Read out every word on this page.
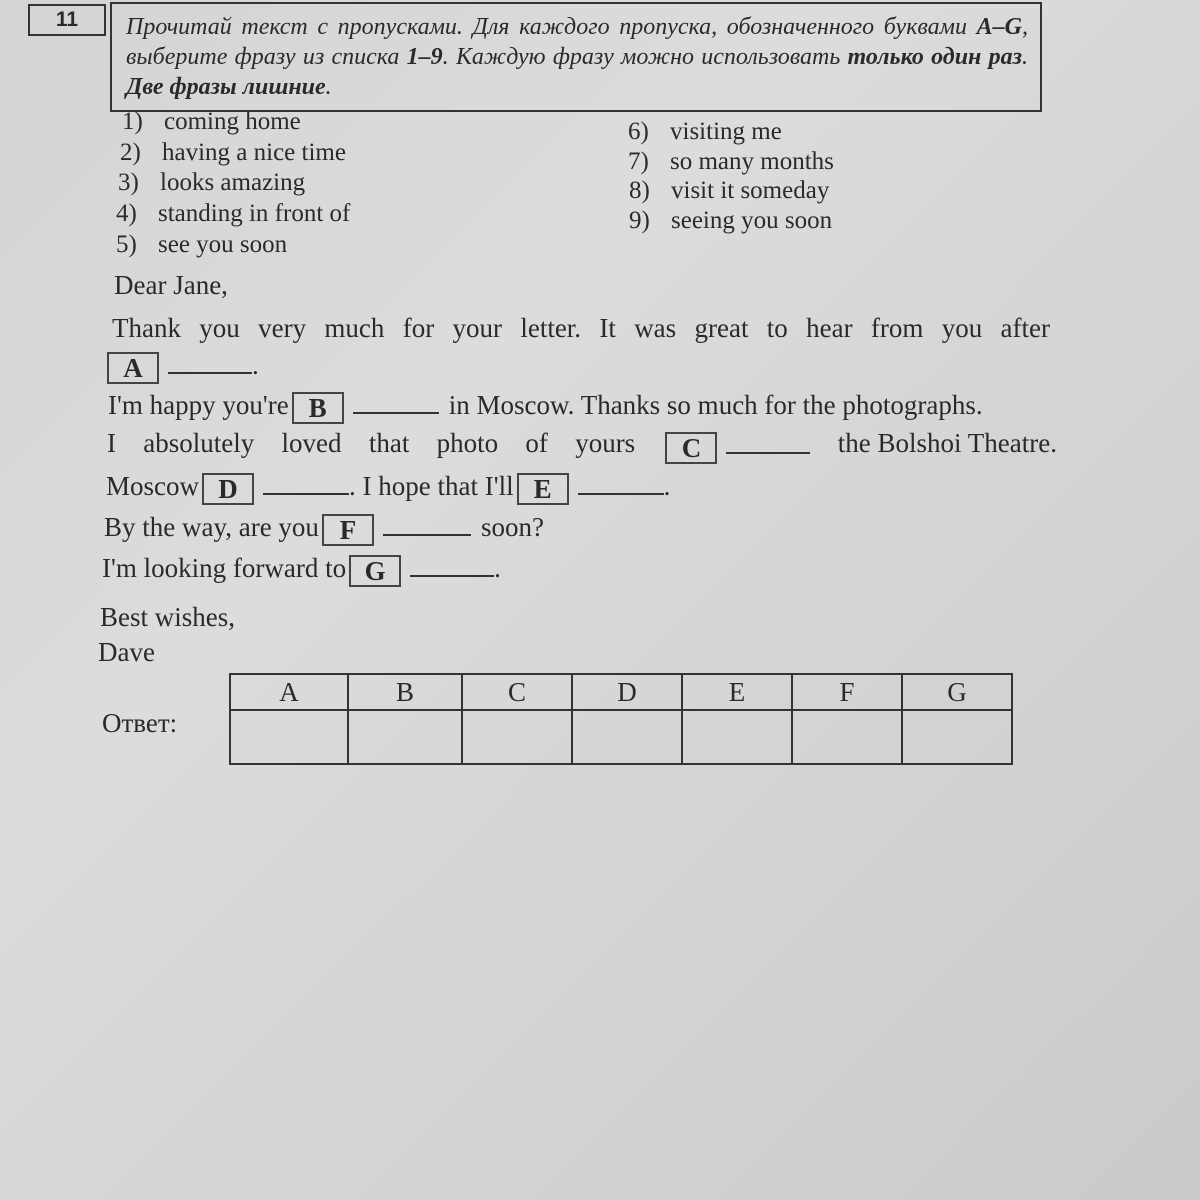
11	Прочитай текст с пропусками. Для каждого пропуска, обозначенного буквами A–G, выберите фразу из списка 1–9. Каждую фразу можно использовать только один раз. Две фразы лишние.
1) coming home
2) having a nice time
3) looks amazing
4) standing in front of
5) see you soon
6) visiting me
7) so many months
8) visit it someday
9) seeing you soon
Dear Jane,
Thank you very much for your letter. It was great to hear from you after
A	.
I'm happy you're B	in Moscow. Thanks so much for the photographs.
I absolutely loved that photo of yours	C	the Bolshoi Theatre.
Moscow D	. I hope that I'll E	.
By the way, are you F	soon?
I'm looking forward to G	.
Best wishes,
Dave
Ответ:
A	B	C	D	E	F	G
